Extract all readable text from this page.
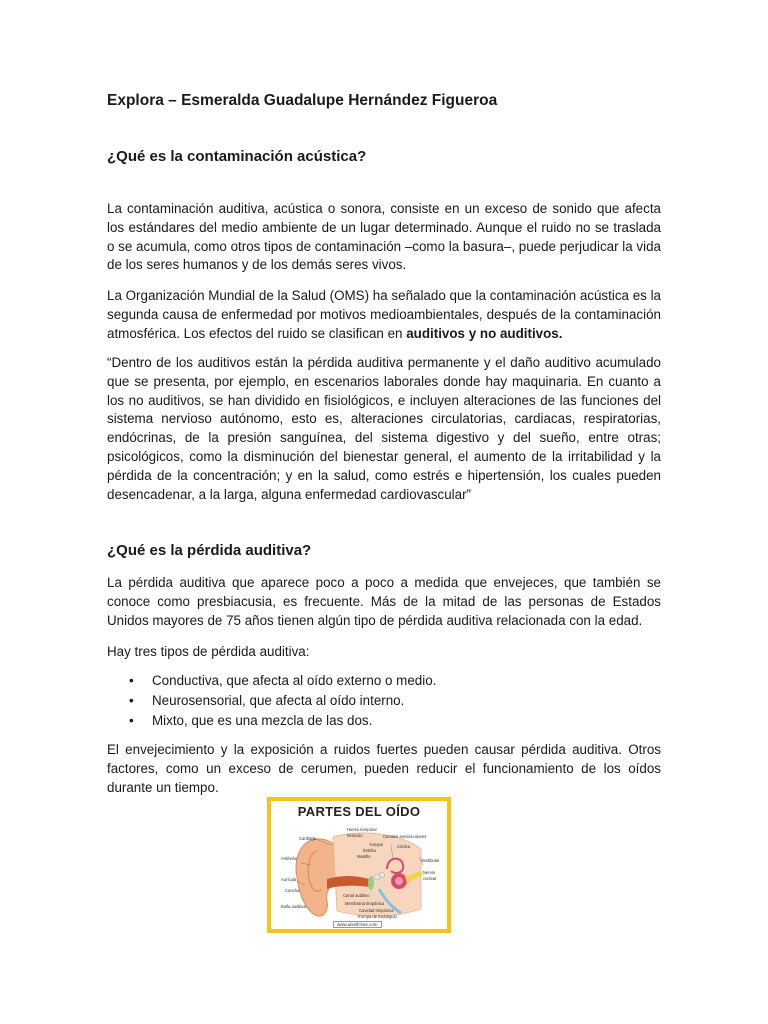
Explora – Esmeralda Guadalupe Hernández Figueroa
¿Qué es la contaminación acústica?

La contaminación auditiva, acústica o sonora, consiste en un exceso de sonido que afecta los estándares del medio ambiente de un lugar determinado. Aunque el ruido no se traslada o se acumula, como otros tipos de contaminación –como la basura–, puede perjudicar la vida de los seres humanos y de los demás seres vivos.

La Organización Mundial de la Salud (OMS) ha señalado que la contaminación acústica es la segunda causa de enfermedad por motivos medioambientales, después de la contaminación atmosférica. Los efectos del ruido se clasifican en auditivos y no auditivos.

“Dentro de los auditivos están la pérdida auditiva permanente y el daño auditivo acumulado que se presenta, por ejemplo, en escenarios laborales donde hay maquinaria. En cuanto a los no auditivos, se han dividido en fisiológicos, e incluyen alteraciones de las funciones del sistema nervioso autónomo, esto es, alteraciones circulatorias, cardiacas, respiratorias, endócrinas, de la presión sanguínea, del sistema digestivo y del sueño, entre otras; psicológicos, como la disminución del bienestar general, el aumento de la irritabilidad y la pérdida de la concentración; y en la salud, como estrés e hipertensión, los cuales pueden desencadenar, a la larga, alguna enfermedad cardiovascular”

¿Qué es la pérdida auditiva?

La pérdida auditiva que aparece poco a poco a medida que envejeces, que también se conoce como presbiacusia, es frecuente. Más de la mitad de las personas de Estados Unidos mayores de 75 años tienen algún tipo de pérdida auditiva relacionada con la edad.

Hay tres tipos de pérdida auditiva:

• Conductiva, que afecta al oído externo o medio.
• Neurosensorial, que afecta al oído interno.
• Mixto, que es una mezcla de las dos.

El envejecimiento y la exposición a ruidos fuertes pueden causar pérdida auditiva. Otros factores, como un exceso de cerumen, pueden reducir el funcionamiento de los oídos durante un tiempo.

PARTES DEL OÍDO
Hueso temporal
Músculo
Cartílago	Canales semicirculares
Yunque
Estribo
Cóclea
Martillo
Antihélix	Vestibular
Nervio
coclear
Aurícula
Concha
Canal auditivo
Membrana timpánica
Cavidad timpánica
Trompa de Eustaquio
Bulla auditiva
www.ulsefichas.com
